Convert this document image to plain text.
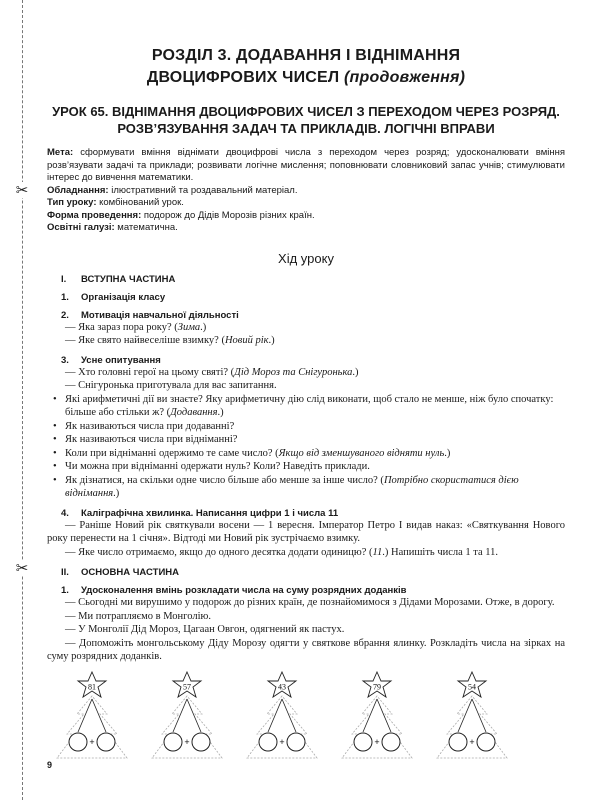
✂
✂
РОЗДІЛ 3. ДОДАВАННЯ І ВІДНІМАННЯ
ДВОЦИФРОВИХ ЧИСЕЛ (продовження)
УРОК 65. ВІДНІМАННЯ ДВОЦИФРОВИХ ЧИСЕЛ З ПЕРЕХОДОМ ЧЕРЕЗ РОЗРЯД.
РОЗВ’ЯЗУВАННЯ ЗАДАЧ ТА ПРИКЛАДІВ. ЛОГІЧНІ ВПРАВИ
Мета: сформувати вміння віднімати двоцифрові числа з переходом через розряд; удосконалювати вміння розв’язувати задачі та приклади; розвивати логічне мислення; поповнювати словниковий запас учнів; стимулювати інтерес до вивчення математики.
Обладнання: ілюстративний та роздавальний матеріал.
Тип уроку: комбінований урок.
Форма проведення: подорож до Дідів Морозів різних країн.
Освітні галузі: математична.
Хід уроку
I. ВСТУПНА ЧАСТИНА
1. Організація класу
2. Мотивація навчальної діяльності
— Яка зараз пора року? (Зима.)
— Яке свято найвеселіше взимку? (Новий рік.)
3. Усне опитування
— Хто головні герої на цьому святі? (Дід Мороз та Снігуронька.)
— Снігуронька приготувала для вас запитання.
• Які арифметичні дії ви знаєте? Яку арифметичну дію слід виконати, щоб стало не менше, ніж було спочатку: більше або стільки ж? (Додавання.)
• Як називаються числа при додаванні?
• Як називаються числа при відніманні?
• Коли при відніманні одержимо те саме число? (Якщо від зменшуваного відняти нуль.)
• Чи можна при відніманні одержати нуль? Коли? Наведіть приклади.
• Як дізнатися, на скільки одне число більше або менше за інше число? (Потрібно скористатися дією віднімання.)
4. Каліграфічна хвилинка. Написання цифри 1 і числа 11
— Раніше Новий рік святкували восени — 1 вересня. Імператор Петро І видав наказ: «Святкування Нового року перенести на 1 січня». Відтоді ми Новий рік зустрічаємо взимку.
— Яке число отримаємо, якщо до одного десятка додати одиницю? (11.) Напишіть числа 1 та 11.
II. ОСНОВНА ЧАСТИНА
1. Удосконалення вмінь розкладати числа на суму розрядних доданків
— Сьогодні ми вирушимо у подорож до різних країн, де познайомимося з Дідами Морозами. Отже, в дорогу.
— Ми потрапляємо в Монголію.
— У Монголії Дід Мороз, Цагаан Овгон, одягнений як пастух.
— Допоможіть монгольському Діду Морозу одягти у святкове вбрання ялинку. Розкладіть числа на зірках на суму розрядних доданків.
81
+
57
+
43
+
79
+
54
+
9
